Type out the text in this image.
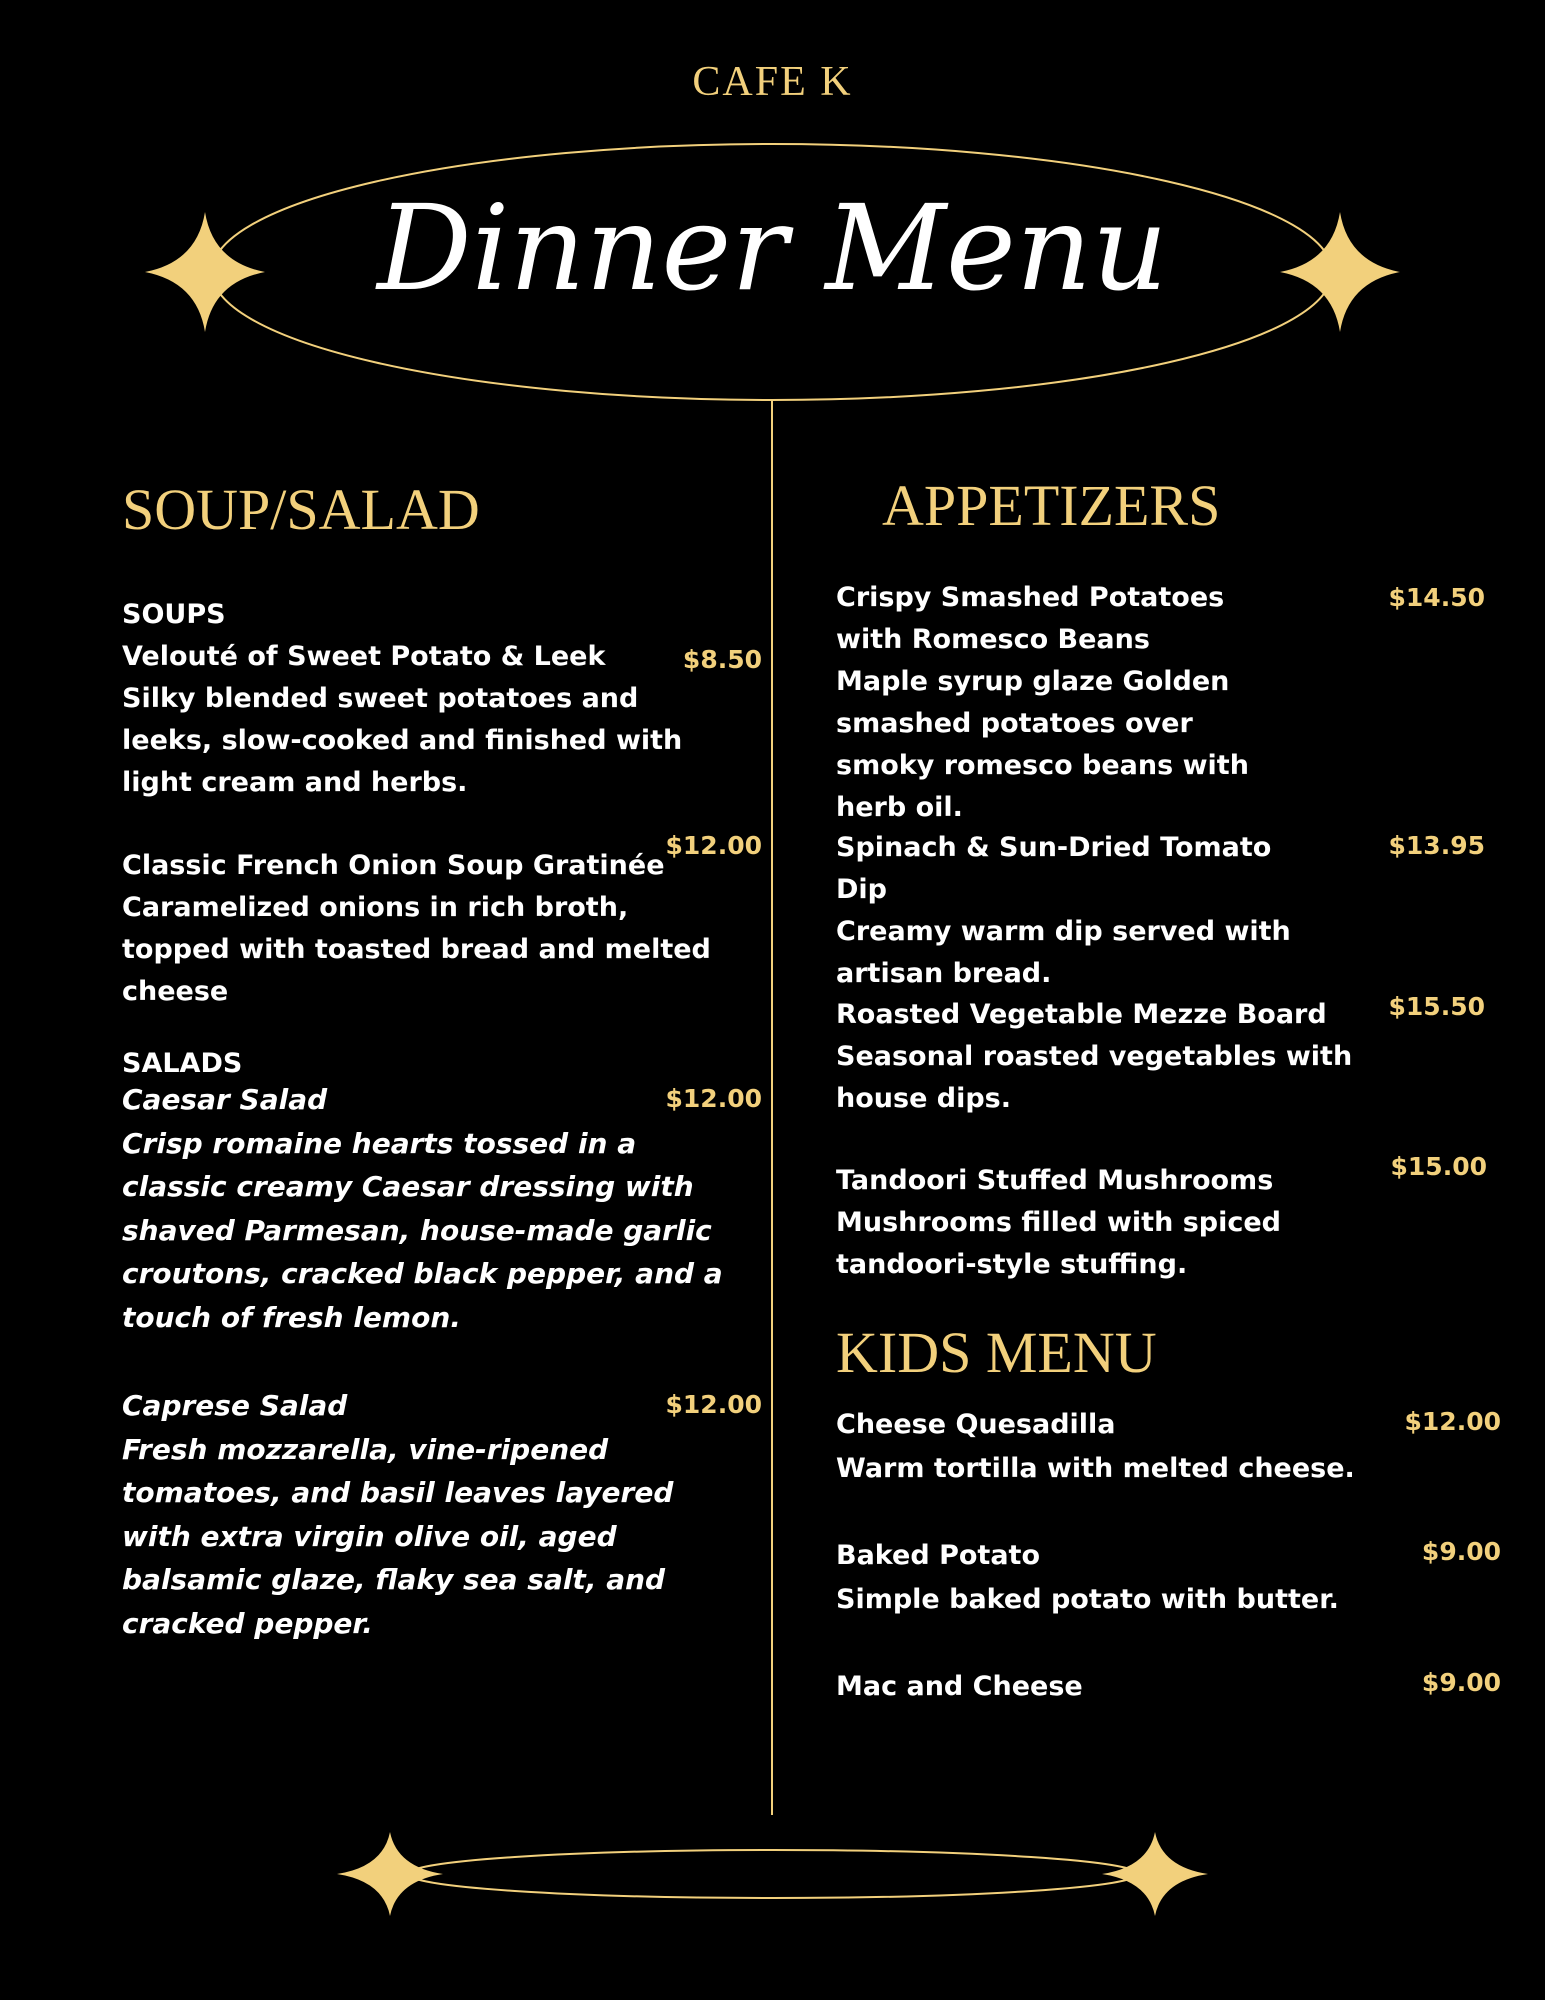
CAFE K
Dinner Menu
SOUP/SALAD
SOUPS

Velouté of Sweet Potato & Leek

Silky blended sweet potatoes and leeks, slow-cooked and finished with light cream and herbs.

$8.50

Classic French Onion Soup Gratinée

Caramelized onions in rich broth, topped with toasted bread and melted cheese

$12.00
SALADS

Caesar Salad

Crisp romaine hearts tossed in a classic creamy Caesar dressing with shaved Parmesan, house-made garlic croutons, cracked black pepper, and a touch of fresh lemon.

$12.00

Caprese Salad

Fresh mozzarella, vine-ripened tomatoes, and basil leaves layered with extra virgin olive oil, aged balsamic glaze, flaky sea salt, and cracked pepper.

$12.00
APPETIZERS

Crispy Smashed Potatoes with Romesco Beans

Maple syrup glaze Golden smashed potatoes over smoky romesco beans with herb oil.

$14.50

Spinach & Sun-Dried Tomato Dip

Creamy warm dip served with artisan bread.

$13.95

Roasted Vegetable Mezze Board

Seasonal roasted vegetables with house dips.

$15.50

Tandoori Stuffed Mushrooms

Mushrooms filled with spiced tandoori-style stuffing.

$15.00
KIDS MENU

Cheese Quesadilla

Warm tortilla with melted cheese.

$12.00

Baked Potato

Simple baked potato with butter.

$9.00

Mac and Cheese	$9.00
